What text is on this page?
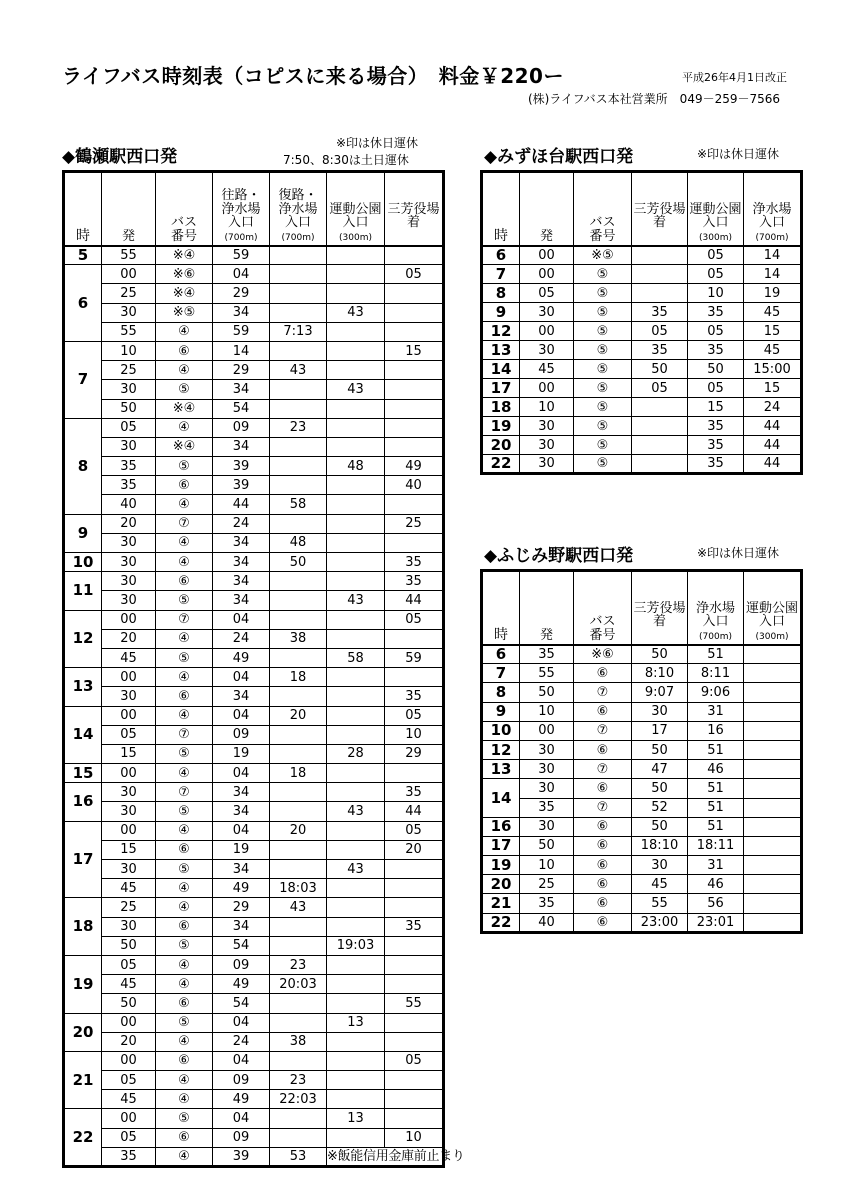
ライフバス時刻表（コピスに来る場合）　料金￥220ー	平成26年4月1日改正
(株)ライフバス本社営業所　049－259－7566
◆鶴瀬駅西口発
※印は休日運休
7:50、8:30は土日運休
時	発	バス
番号	往路・
浄水場
入口
(700m)	復路・
浄水場
入口
(700m)	運動公園
入口
(300m)	三芳役場
着

5	55	※④	59			
6	00	※⑥	04			05
	25	※④	29			
	30	※⑤	34		43	
	55	④	59	7:13		
7	10	⑥	14			15
	25	④	29	43		
	30	⑤	34		43	
	50	※④	54			
8	05	④	09	23		
	30	※④	34			
	35	⑤	39		48	49
	35	⑥	39			40
	40	④	44	58		
9	20	⑦	24			25
	30	④	34	48		
10	30	④	34	50		35
11	30	⑥	34			35
	30	⑤	34		43	44
12	00	⑦	04			05
	20	④	24	38		
	45	⑤	49		58	59
13	00	④	04	18		
	30	⑥	34			35
14	00	④	04	20		05
	05	⑦	09			10
	15	⑤	19		28	29
15	00	④	04	18		
16	30	⑦	34			35
	30	⑤	34		43	44
17	00	④	04	20		05
	15	⑥	19			20
	30	⑤	34		43	
	45	④	49	18:03		
18	25	④	29	43		
	30	⑥	34			35
	50	⑤	54		19:03	
19	05	④	09	23		
	45	④	49	20:03		
	50	⑥	54			55
20	00	⑤	04		13	
	20	④	24	38		
21	00	⑥	04			05
	05	④	09	23		
	45	④	49	22:03		
22	00	⑤	04		13	
	05	⑥	09			10
	35	④	39	53	※飯能信用金庫前止まり	
◆みずほ台駅西口発	※印は休日運休
時	発	バス
番号	三芳役場
着	運動公園
入口
(300m)	浄水場
入口
(700m)
6	00	※⑤		05	14
7	00	⑤		05	14
8	05	⑤		10	19
9	30	⑤	35	35	45
12	00	⑤	05	05	15
13	30	⑤	35	35	45
14	45	⑤	50	50	15:00
17	00	⑤	05	05	15
18	10	⑤		15	24
19	30	⑤		35	44
20	30	⑤		35	44
22	30	⑤		35	44
◆ふじみ野駅西口発	※印は休日運休
時	発	バス
番号	三芳役場
着	浄水場
入口
(700m)	運動公園
入口
(300m)
6	35	※⑥	50	51	
7	55	⑥	8:10	8:11	
8	50	⑦	9:07	9:06	
9	10	⑥	30	31	
10	00	⑦	17	16	
12	30	⑥	50	51	
13	30	⑦	47	46	
14	30	⑥	50	51	
	35	⑦	52	51	
16	30	⑥	50	51	
17	50	⑥	18:10	18:11	
19	10	⑥	30	31	
20	25	⑥	45	46	
21	35	⑥	55	56	
22	40	⑥	23:00	23:01	
